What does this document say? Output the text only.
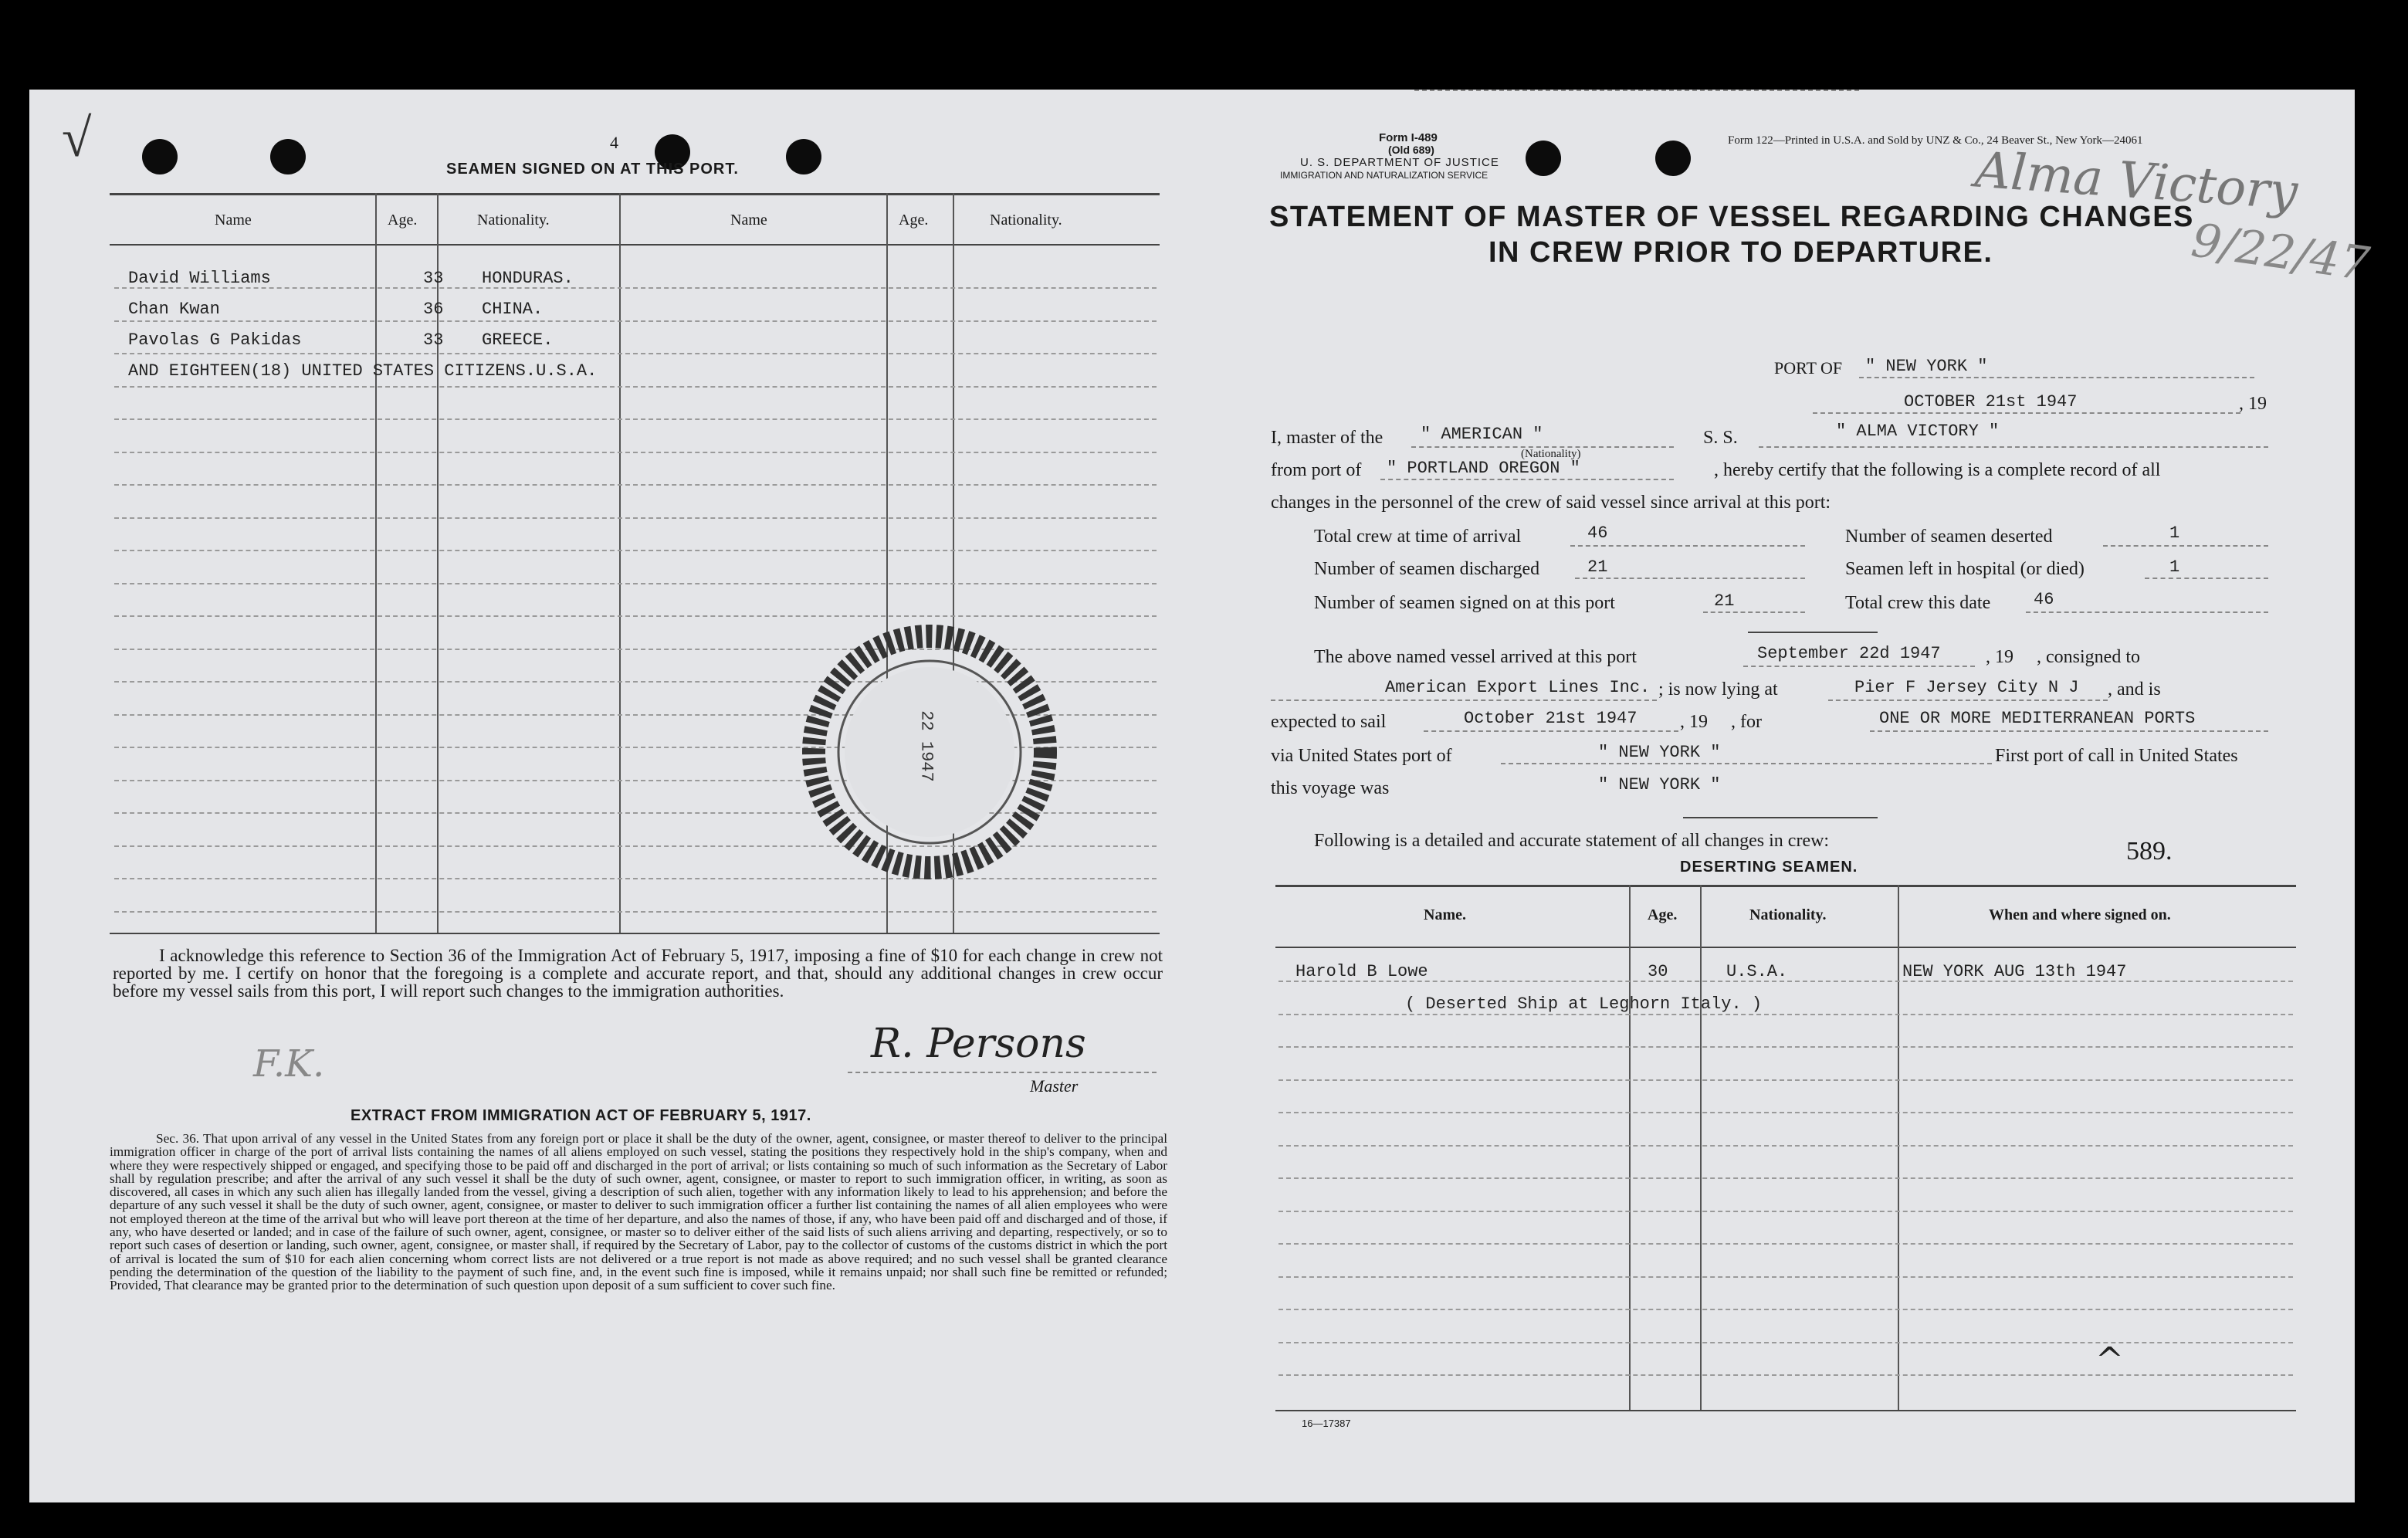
√	4
SEAMEN SIGNED ON AT THIS PORT.
Name	Age.	Nationality.	Name	Age.	Nationality.
David Williams	33 HONDURAS.
Chan Kwan	36 CHINA.
Pavolas G Pakidas	33 GREECE.
AND EIGHTEEN(18) UNITED STATES CITIZENS.U.S.A.
22 1947
I acknowledge this reference to Section 36 of the Immigration Act of February 5, 1917, imposing a fine of $10 for each change in crew not reported by me. I certify on honor that the foregoing is a complete and accurate report, and that, should any additional changes in crew occur before my vessel sails from this port, I will report such changes to the immigration authorities.
R. Persons
F.K.
Master
EXTRACT FROM IMMIGRATION ACT OF FEBRUARY 5, 1917.
Sec. 36. That upon arrival of any vessel in the United States from any foreign port or place it shall be the duty of the owner, agent, consignee, or master thereof to deliver to the principal immigration officer in charge of the port of arrival lists containing the names of all aliens employed on such vessel, stating the positions they respectively hold in the ship's company, when and where they were respectively shipped or engaged, and specifying those to be paid off and discharged in the port of arrival; or lists containing so much of such information as the Secretary of Labor shall by regulation prescribe; and after the arrival of any such vessel it shall be the duty of such owner, agent, consignee, or master to report to such immigration officer, in writing, as soon as discovered, all cases in which any such alien has illegally landed from the vessel, giving a description of such alien, together with any information likely to lead to his apprehension; and before the departure of any such vessel it shall be the duty of such owner, agent, consignee, or master to deliver to such immigration officer a further list containing the names of all alien employees who were not employed thereon at the time of the arrival but who will leave port thereon at the time of her departure, and also the names of those, if any, who have been paid off and discharged and of those, if any, who have deserted or landed; and in case of the failure of such owner, agent, consignee, or master so to deliver either of the said lists of such aliens arriving and departing, respectively, or so to report such cases of desertion or landing, such owner, agent, consignee, or master shall, if required by the Secretary of Labor, pay to the collector of customs of the customs district in which the port of arrival is located the sum of $10 for each alien concerning whom correct lists are not delivered or a true report is not made as above required; and no such vessel shall be granted clearance pending the determination of the question of the liability to the payment of such fine, and, in the event such fine is imposed, while it remains unpaid; nor shall such fine be remitted or refunded; Provided, That clearance may be granted prior to the determination of such question upon deposit of a sum sufficient to cover such fine.
Form I-489
(Old 689)
U. S. DEPARTMENT OF JUSTICE
IMMIGRATION AND NATURALIZATION SERVICE
Form 122—Printed in U.S.A. and Sold by UNZ & Co., 24 Beaver St., New York—24061
Alma Victory
9/22/47
STATEMENT OF MASTER OF VESSEL REGARDING CHANGES
IN CREW PRIOR TO DEPARTURE.
PORT OF " NEW YORK "
OCTOBER 21st 1947	, 19
I, master of the " AMERICAN "
(Nationality)
S. S.	" ALMA VICTORY "
from port of " PORTLAND OREGON "	, hereby certify that the following is a complete record of all
changes in the personnel of the crew of said vessel since arrival at this port:
Total crew at time of arrival	46	Number of seamen deserted	1
Number of seamen discharged	21	Seamen left in hospital (or died)	1
Number of seamen signed on at this port	21	Total crew this date	46
The above named vessel arrived at this port	September 22d 1947 , 19     , consigned to
American Export Lines Inc. ; is now lying at	Pier F Jersey City N J , and is
expected to sail	October 21st 1947 , 19     , for	ONE OR MORE MEDITERRANEAN PORTS
via United States port of	" NEW YORK "	First port of call in United States
this voyage was	" NEW YORK "
Following is a detailed and accurate statement of all changes in crew:	589.
DESERTING SEAMEN.
Name.	Age.	Nationality.	When and where signed on.
Harold B Lowe	30	U.S.A.	NEW YORK AUG 13th 1947
( Deserted Ship at Leghorn Italy. )
^
16—17387
